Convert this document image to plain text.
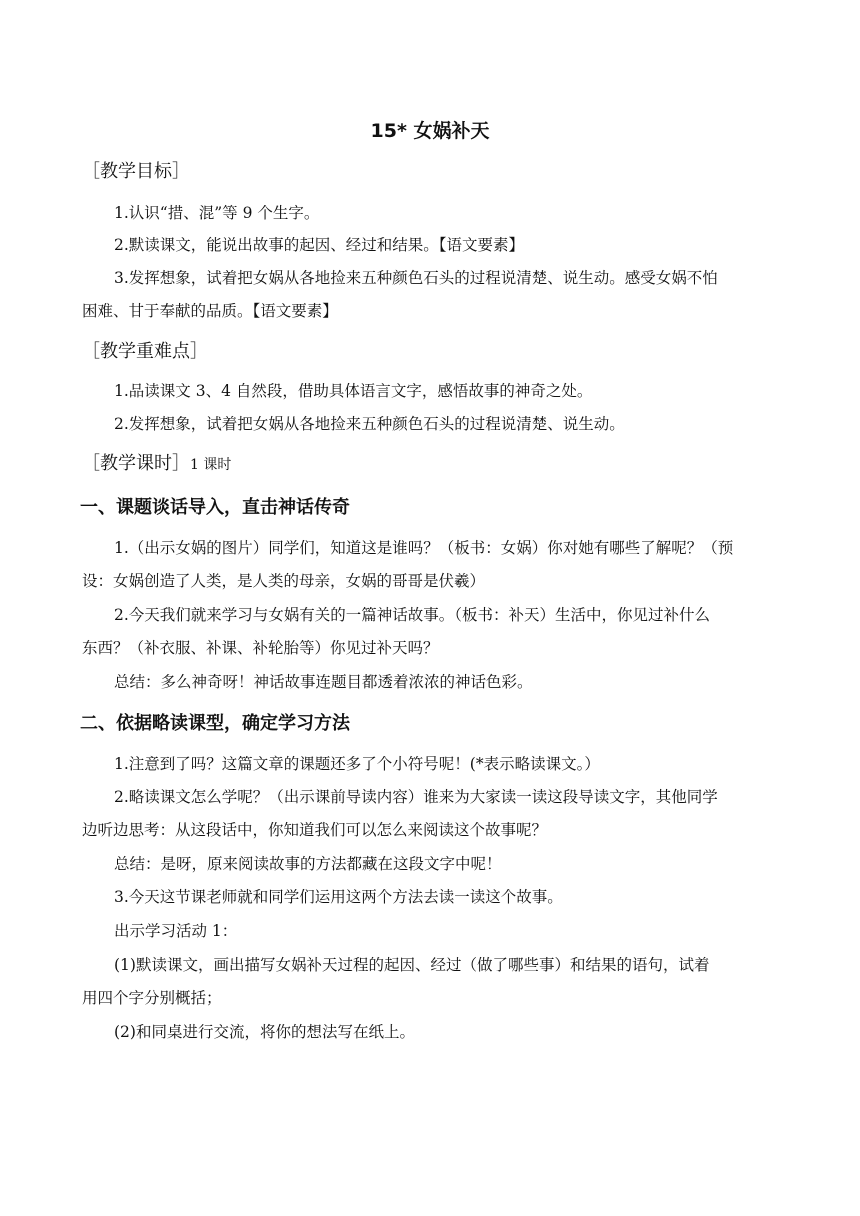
15* 女娲补天
［教学目标］
1.认识“措、混”等 9 个生字。
2.默读课文，能说出故事的起因、经过和结果。【语文要素】
3.发挥想象，试着把女娲从各地捡来五种颜色石头的过程说清楚、说生动。感受女娲不怕
困难、甘于奉献的品质。【语文要素】
［教学重难点］
1.品读课文 3、4 自然段，借助具体语言文字，感悟故事的神奇之处。
2.发挥想象，试着把女娲从各地捡来五种颜色石头的过程说清楚、说生动。
［教学课时］1 课时
一、课题谈话导入，直击神话传奇
1.（出示女娲的图片）同学们，知道这是谁吗？（板书：女娲）你对她有哪些了解呢？（预
设：女娲创造了人类，是人类的母亲，女娲的哥哥是伏羲）
2.今天我们就来学习与女娲有关的一篇神话故事。（板书：补天）生活中，你见过补什么
东西？（补衣服、补课、补轮胎等）你见过补天吗？
总结：多么神奇呀！神话故事连题目都透着浓浓的神话色彩。
二、依据略读课型，确定学习方法
1.注意到了吗？这篇文章的课题还多了个小符号呢！(*表示略读课文。）
2.略读课文怎么学呢？（出示课前导读内容）谁来为大家读一读这段导读文字，其他同学
边听边思考：从这段话中，你知道我们可以怎么来阅读这个故事呢？
总结：是呀，原来阅读故事的方法都藏在这段文字中呢！
3.今天这节课老师就和同学们运用这两个方法去读一读这个故事。
出示学习活动 1：
(1)默读课文，画出描写女娲补天过程的起因、经过（做了哪些事）和结果的语句，试着
用四个字分别概括；
(2)和同桌进行交流，将你的想法写在纸上。
